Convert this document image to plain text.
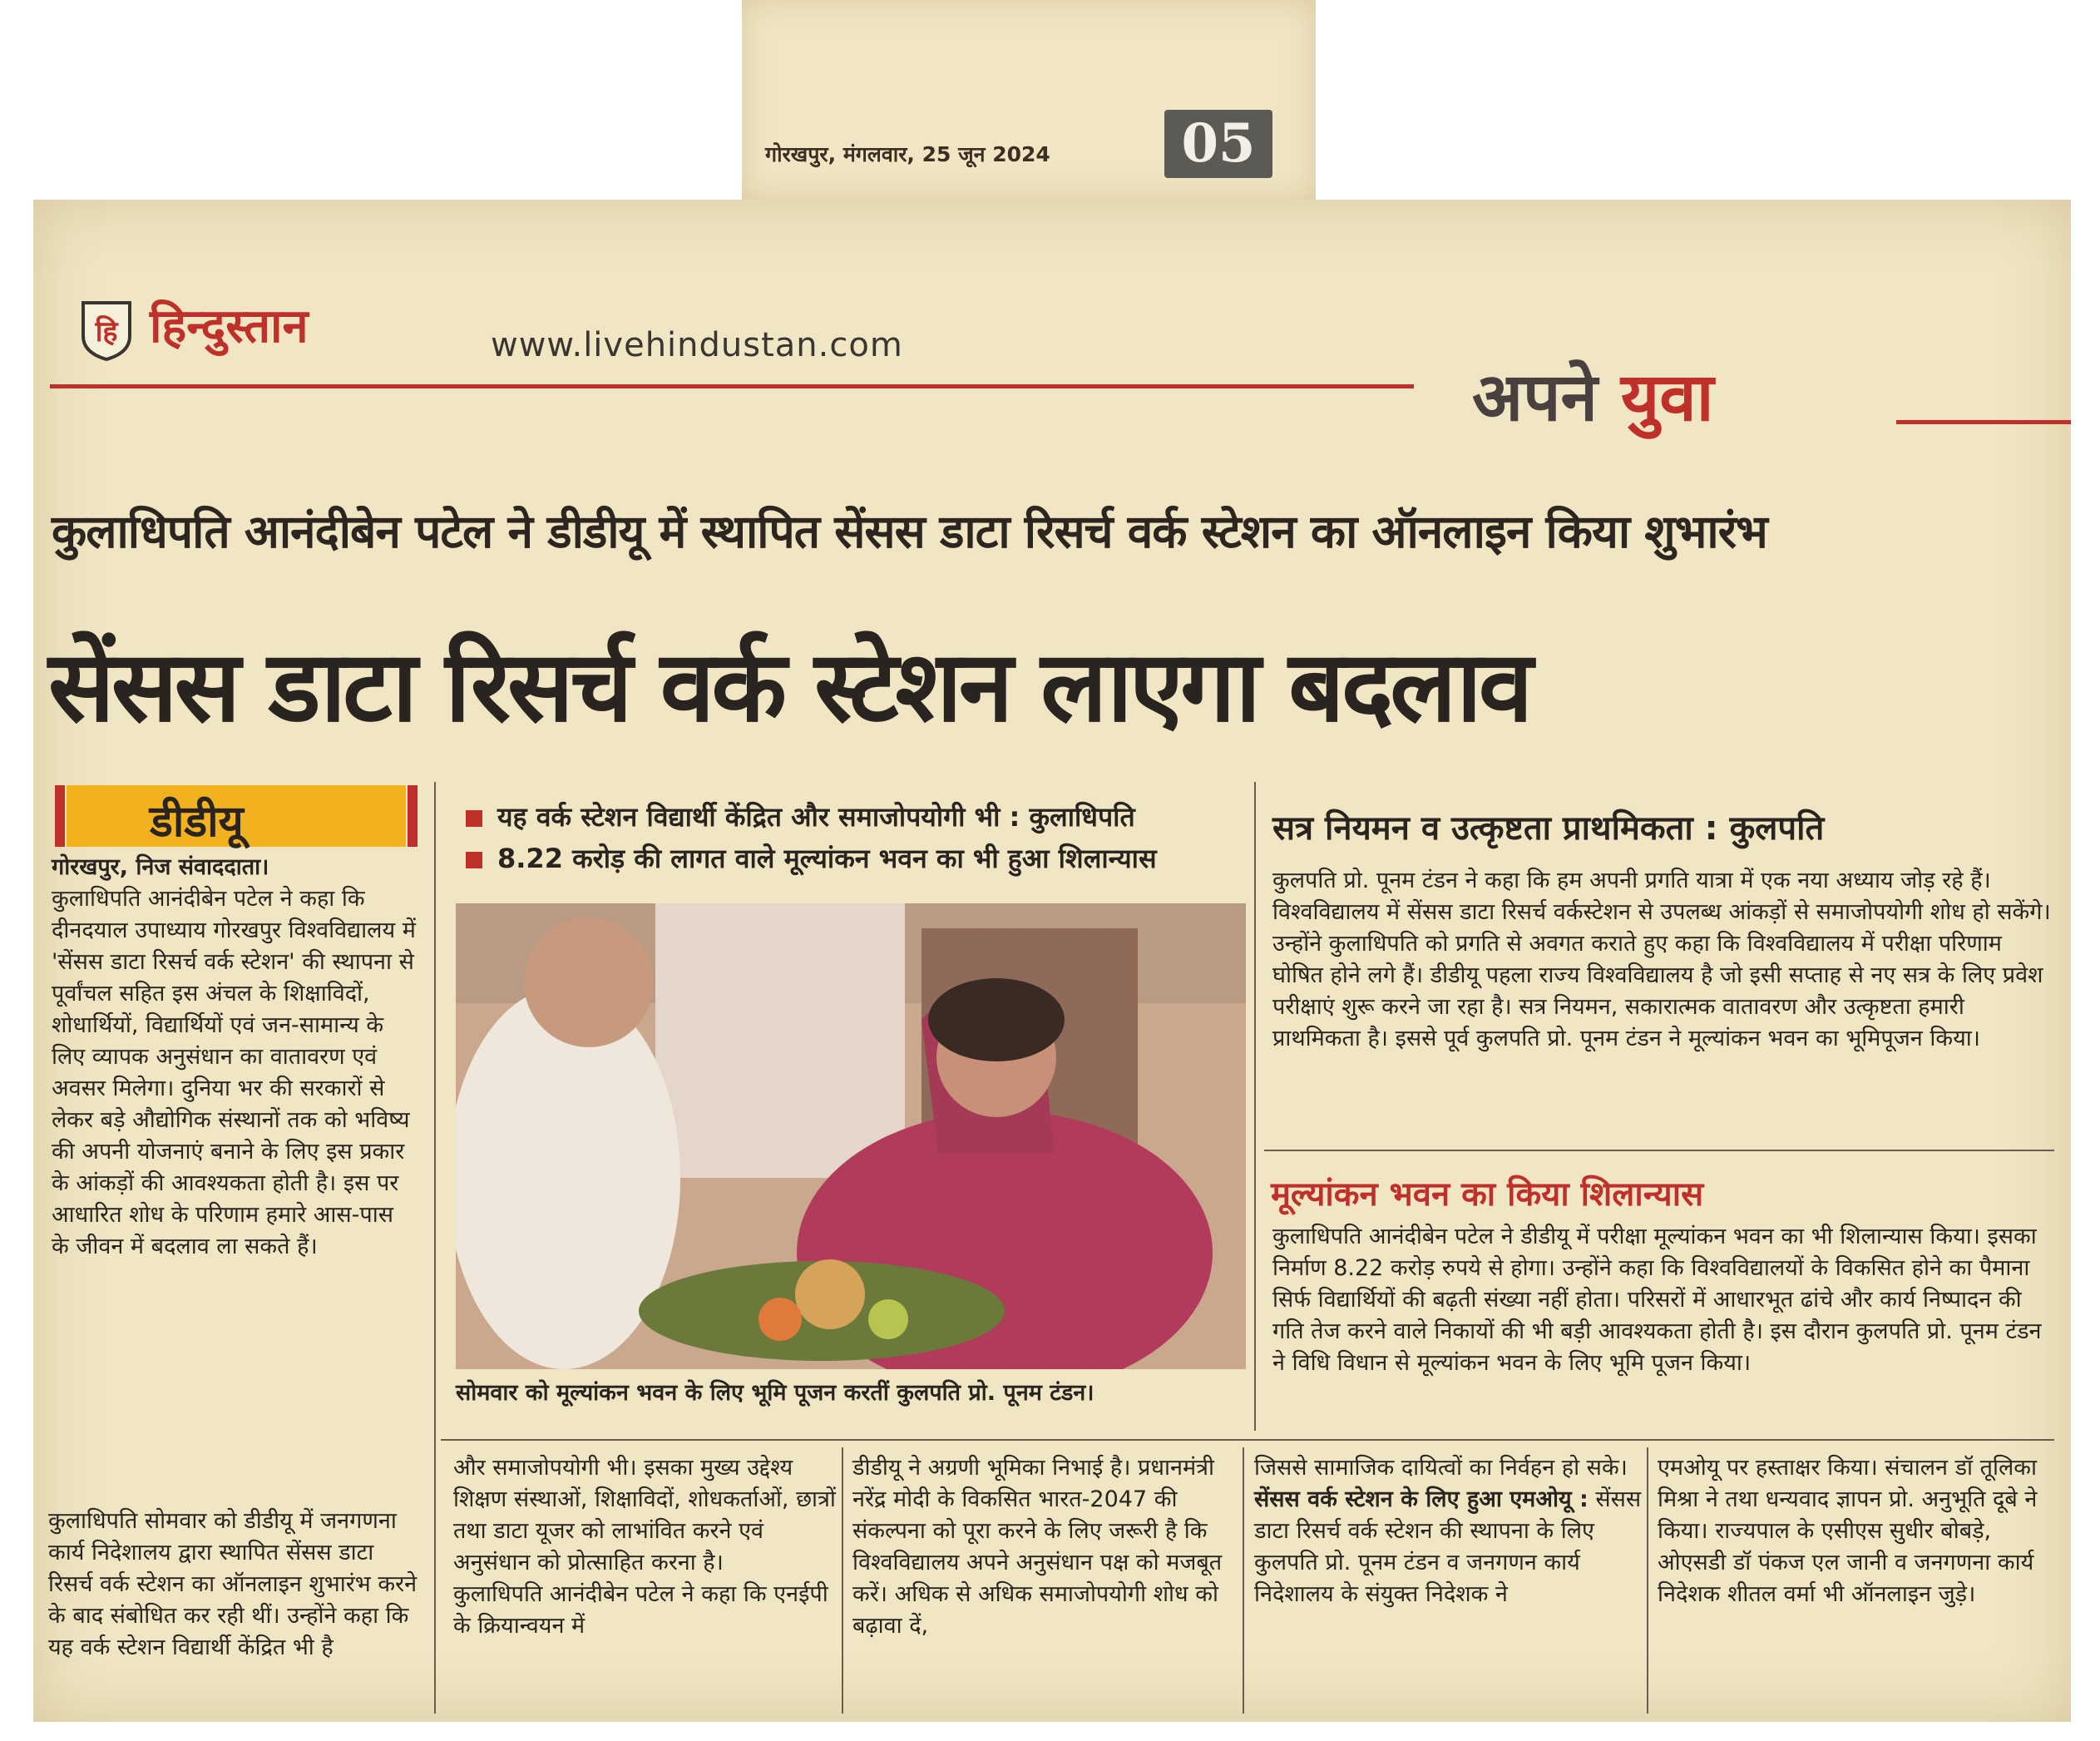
गोरखपुर, मंगलवार, 25 जून 2024	05
हि हिन्दुस्तान	www.livehindustan.com
अपने युवा
कुलाधिपति आनंदीबेन पटेल ने डीडीयू में स्थापित सेंसस डाटा रिसर्च वर्क स्टेशन का ऑनलाइन किया शुभारंभ
सेंसस डाटा रिसर्च वर्क स्टेशन लाएगा बदलाव
डीडीयू

गोरखपुर, निज संवाददाता।

कुलाधिपति आनंदीबेन पटेल ने कहा कि दीनदयाल उपाध्याय गोरखपुर विश्वविद्यालय में 'सेंसस डाटा रिसर्च वर्क स्टेशन' की स्थापना से पूर्वांचल सहित इस अंचल के शिक्षाविदों, शोधार्थियों, विद्यार्थियों एवं जन-सामान्य के लिए व्यापक अनुसंधान का वातावरण एवं अवसर मिलेगा। दुनिया भर की सरकारों से लेकर बड़े औद्योगिक संस्थानों तक को भविष्य की अपनी योजनाएं बनाने के लिए इस प्रकार के आंकड़ों की आवश्यकता होती है। इस पर आधारित शोध के परिणाम हमारे आस-पास के जीवन में बदलाव ला सकते हैं।

कुलाधिपति सोमवार को डीडीयू में जनगणना कार्य निदेशालय द्वारा स्थापित सेंसस डाटा रिसर्च वर्क स्टेशन का ऑनलाइन शुभारंभ करने के बाद संबोधित कर रही थीं। उन्होंने कहा कि यह वर्क स्टेशन विद्यार्थी केंद्रित भी है

यह वर्क स्टेशन विद्यार्थी केंद्रित और समाजोपयोगी भी : कुलाधिपति
8.22 करोड़ की लागत वाले मूल्यांकन भवन का भी हुआ शिलान्यास
सोमवार को मूल्यांकन भवन के लिए भूमि पूजन करतीं कुलपति प्रो. पूनम टंडन।
सत्र नियमन व उत्कृष्टता प्राथमिकता : कुलपति
कुलपति प्रो. पूनम टंडन ने कहा कि हम अपनी प्रगति यात्रा में एक नया अध्याय जोड़ रहे हैं। विश्वविद्यालय में सेंसस डाटा रिसर्च वर्कस्टेशन से उपलब्ध आंकड़ों से समाजोपयोगी शोध हो सकेंगे। उन्होंने कुलाधिपति को प्रगति से अवगत कराते हुए कहा कि विश्वविद्यालय में परीक्षा परिणाम घोषित होने लगे हैं। डीडीयू पहला राज्य विश्वविद्यालय है जो इसी सप्ताह से नए सत्र के लिए प्रवेश परीक्षाएं शुरू करने जा रहा है। सत्र नियमन, सकारात्मक वातावरण और उत्कृष्टता हमारी प्राथमिकता है। इससे पूर्व कुलपति प्रो. पूनम टंडन ने मूल्यांकन भवन का भूमिपूजन किया।
मूल्यांकन भवन का किया शिलान्यास
कुलाधिपति आनंदीबेन पटेल ने डीडीयू में परीक्षा मूल्यांकन भवन का भी शिलान्यास किया। इसका निर्माण 8.22 करोड़ रुपये से होगा। उन्होंने कहा कि विश्वविद्यालयों के विकसित होने का पैमाना सिर्फ विद्यार्थियों की बढ़ती संख्या नहीं होता। परिसरों में आधारभूत ढांचे और कार्य निष्पादन की गति तेज करने वाले निकायों की भी बड़ी आवश्यकता होती है। इस दौरान कुलपति प्रो. पूनम टंडन ने विधि विधान से मूल्यांकन भवन के लिए भूमि पूजन किया।

और समाजोपयोगी भी। इसका मुख्य उद्देश्य शिक्षण संस्थाओं, शिक्षाविदों, शोधकर्ताओं, छात्रों तथा डाटा यूजर को लाभांवित करने एवं अनुसंधान को प्रोत्साहित करना है।

कुलाधिपति आनंदीबेन पटेल ने कहा कि एनईपी के क्रियान्वयन में

डीडीयू ने अग्रणी भूमिका निभाई है। प्रधानमंत्री नरेंद्र मोदी के विकसित भारत-2047 की संकल्पना को पूरा करने के लिए जरूरी है कि विश्वविद्यालय अपने अनुसंधान पक्ष को मजबूत करें। अधिक से अधिक समाजोपयोगी शोध को बढ़ावा दें,

जिससे सामाजिक दायित्वों का निर्वहन हो सके।

सेंसस वर्क स्टेशन के लिए हुआ एमओयू : सेंसस डाटा रिसर्च वर्क स्टेशन की स्थापना के लिए कुलपति प्रो. पूनम टंडन व जनगणन कार्य निदेशालय के संयुक्त निदेशक ने

एमओयू पर हस्ताक्षर किया। संचालन डॉ तूलिका मिश्रा ने तथा धन्यवाद ज्ञापन प्रो. अनुभूति दूबे ने किया। राज्यपाल के एसीएस सुधीर बोबड़े, ओएसडी डॉ पंकज एल जानी व जनगणना कार्य निदेशक शीतल वर्मा भी ऑनलाइन जुड़े।
